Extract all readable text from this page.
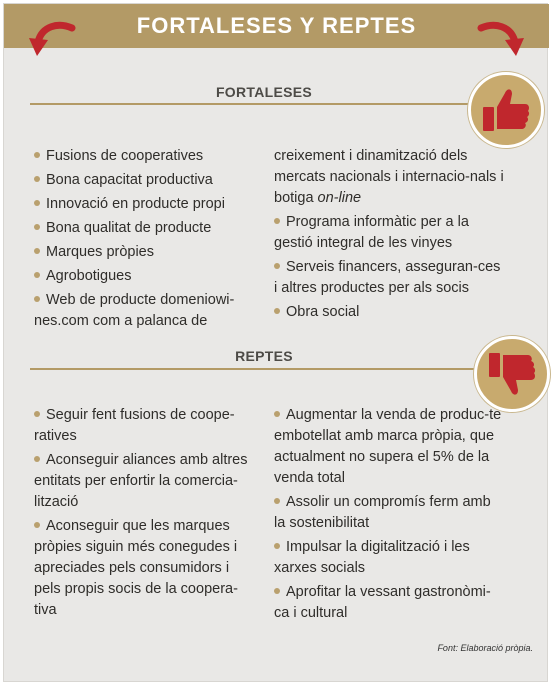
FORTALESES Y REPTES
FORTALESES

Fusions de cooperatives

Bona capacitat productiva

Innovació en producte propi

Bona qualitat de producte

Marques pròpies

Agrobotigues

Web de producte domeniowi-nes.com com a palanca de

creixement i dinamització dels mercats nacionals i internacio-nals i botiga on-line

Programa informàtic per a la gestió integral de les vinyes

Serveis financers, asseguran-ces i altres productes per als socis

Obra social

REPTES

Seguir fent fusions de coope-ratives

Aconseguir aliances amb altres entitats per enfortir la comercia-lització

Aconseguir que les marques pròpies siguin més conegudes i apreciades pels consumidors i pels propis socis de la coopera-tiva

Augmentar la venda de produc-te embotellat amb marca pròpia, que actualment no supera el 5% de la venda total

Assolir un compromís ferm amb la sostenibilitat

Impulsar la digitalització i les xarxes socials

Aprofitar la vessant gastronòmi-ca i cultural

Font: Elaboració pròpia.
